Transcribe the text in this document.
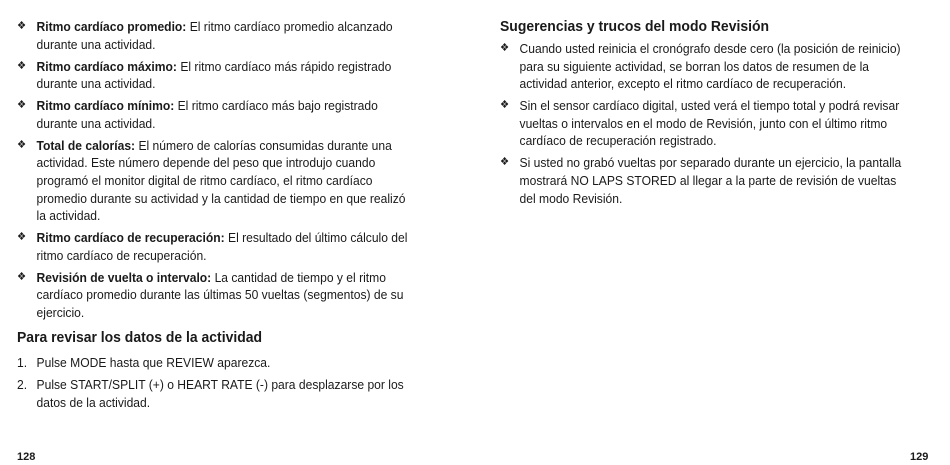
❖ Ritmo cardíaco promedio: El ritmo cardíaco promedio alcanzado durante una actividad.
❖ Ritmo cardíaco máximo: El ritmo cardíaco más rápido registrado durante una actividad.
❖ Ritmo cardíaco mínimo: El ritmo cardíaco más bajo registrado durante una actividad.
❖ Total de calorías: El número de calorías consumidas durante una actividad. Este número depende del peso que introdujo cuando programó el monitor digital de ritmo cardíaco, el ritmo cardíaco promedio durante su actividad y la cantidad de tiempo en que realizó la actividad.
❖ Ritmo cardíaco de recuperación: El resultado del último cálculo del ritmo cardíaco de recuperación.
❖ Revisión de vuelta o intervalo: La cantidad de tiempo y el ritmo cardíaco promedio durante las últimas 50 vueltas (segmentos) de su ejercicio.
Para revisar los datos de la actividad
1. Pulse MODE hasta que REVIEW aparezca.
2. Pulse START/SPLIT (+) o HEART RATE (-) para desplazarse por los datos de la actividad.
128
Sugerencias y trucos del modo Revisión
❖ Cuando usted reinicia el cronógrafo desde cero (la posición de reinicio) para su siguiente actividad, se borran los datos de resumen de la actividad anterior, excepto el ritmo cardíaco de recuperación.
❖ Sin el sensor cardíaco digital, usted verá el tiempo total y podrá revisar vueltas o intervalos en el modo de Revisión, junto con el último ritmo cardíaco de recuperación registrado.
❖ Si usted no grabó vueltas por separado durante un ejercicio, la pantalla mostrará NO LAPS STORED al llegar a la parte de revisión de vueltas del modo Revisión.
129
